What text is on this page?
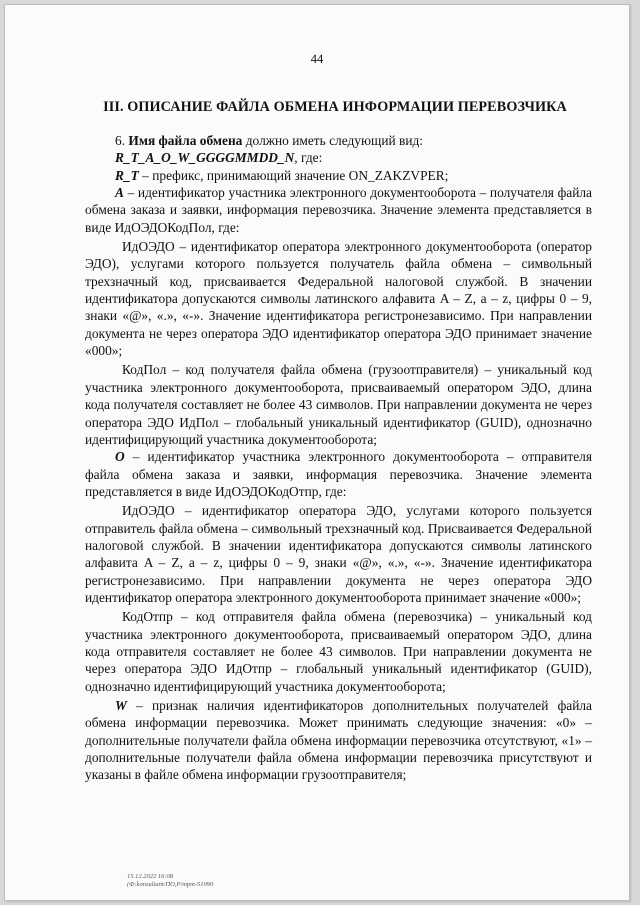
44
III. ОПИСАНИЕ ФАЙЛА ОБМЕНА ИНФОРМАЦИИ ПЕРЕВОЗЧИКА

6. Имя файла обмена должно иметь следующий вид:

R_T_A_O_W_GGGGMMDD_N, где:

R_T – префикс, принимающий значение ON_ZAKZVPER;

A – идентификатор участника электронного документооборота – получателя файла обмена заказа и заявки, информация перевозчика. Значение элемента представляется в виде ИдОЭДОКодПол, где:

ИдОЭДО – идентификатор оператора электронного документооборота (оператор ЭДО), услугами которого пользуется получатель файла обмена – символьный трехзначный код, присваивается Федеральной налоговой службой. В значении идентификатора допускаются символы латинского алфавита A – Z, a – z, цифры 0 – 9, знаки «@», «.», «-». Значение идентификатора регистронезависимо. При направлении документа не через оператора ЭДО идентификатор оператора ЭДО принимает значение «000»;

КодПол – код получателя файла обмена (грузоотправителя) – уникальный код участника электронного документооборота, присваиваемый оператором ЭДО, длина кода получателя составляет не более 43 символов. При направлении документа не через оператора ЭДО ИдПол – глобальный уникальный идентификатор (GUID), однозначно идентифицирующий участника документооборота;

O – идентификатор участника электронного документооборота – отправителя файла обмена заказа и заявки, информация перевозчика. Значение элемента представляется в виде ИдОЭДОКодОтпр, где:

ИдОЭДО – идентификатор оператора ЭДО, услугами которого пользуется отправитель файла обмена – символьный трехзначный код. Присваивается Федеральной налоговой службой. В значении идентификатора допускаются символы латинского алфавита A – Z, a – z, цифры 0 – 9, знаки «@», «.», «-». Значение идентификатора регистронезависимо. При направлении документа не через оператора ЭДО идентификатор оператора электронного документооборота принимает значение «000»;

КодОтпр – код отправителя файла обмена (перевозчика) – уникальный код участника электронного документооборота, присваиваемый оператором ЭДО, длина кода отправителя составляет не более 43 символов. При направлении документа не через оператора ЭДО ИдОтпр – глобальный уникальный идентификатор (GUID), однозначно идентифицирующий участника документооборота;

W – признак наличия идентификаторов дополнительных получателей файла обмена информации перевозчика. Может принимать следующие значения: «0» – дополнительные получатели файла обмена информации перевозчика отсутствуют, «1» – дополнительные получатели файла обмена информации перевозчика присутствуют и указаны в файле обмена информации грузоотправителя;

15.12.2022 16:08
(Ф:konsultant/ПО,P/mpm-51090
